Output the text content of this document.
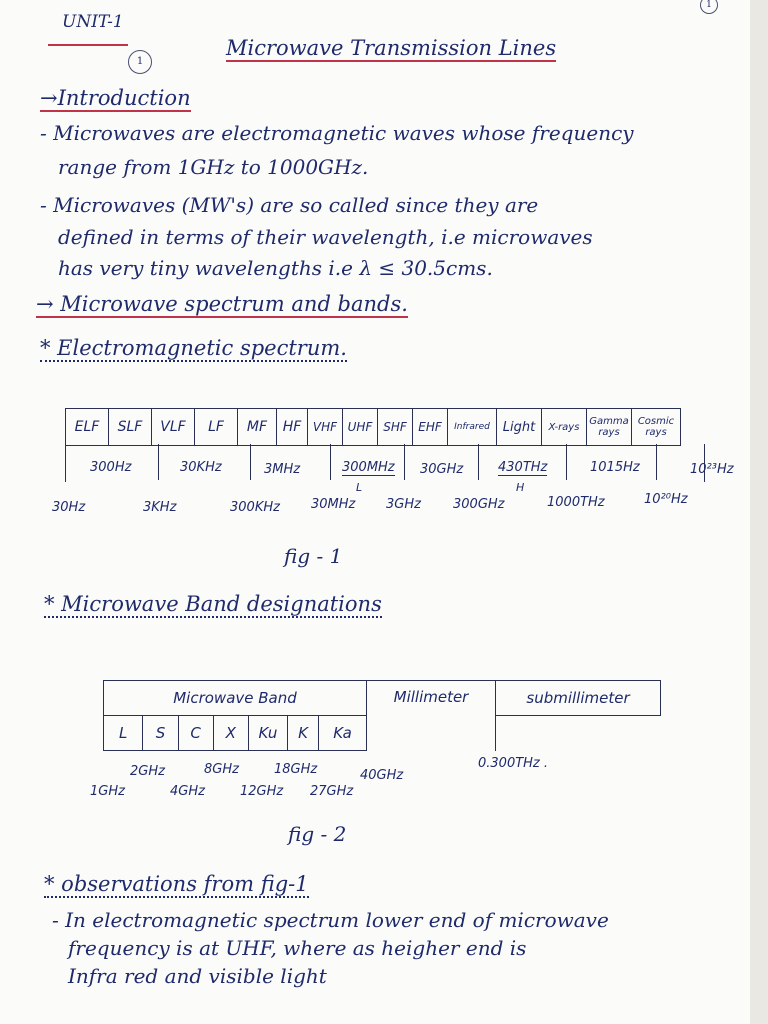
1
UNIT-1
1
Microwave Transmission Lines
→Introduction
- Microwaves are electromagnetic waves whose frequency
range from 1GHz to 1000GHz.
- Microwaves (MW's) are so called since they are
defined in terms of their wavelength, i.e microwaves
has very tiny wavelengths i.e λ ≤ 30.5cms.
→ Microwave spectrum and bands.
* Electromagnetic spectrum.
ELF	SLF	VLF	LF	MF	HF	VHF	UHF	SHF	EHF	Infrared	Light	X-rays	Gamma rays	Cosmic rays
300Hz	30KHz	3MHz	300MHz 30GHz	430THz	1015Hz	10²³Hz
L	H
30Hz	3KHz	300KHz 30MHz 3GHz 300GHz	1000THz	10²⁰Hz
fig - 1
* Microwave Band designations
Microwave Band							Millimeter	submillimeter
L	S	C	X	Ku	K	Ka		
2GHz	8GHz	18GHz	40GHz
0.300THz .
1GHz	4GHz	12GHz 27GHz
fig - 2
* observations from fig-1
- In electromagnetic spectrum lower end of microwave
frequency is at UHF, where as heigher end is
Infra red and visible light
